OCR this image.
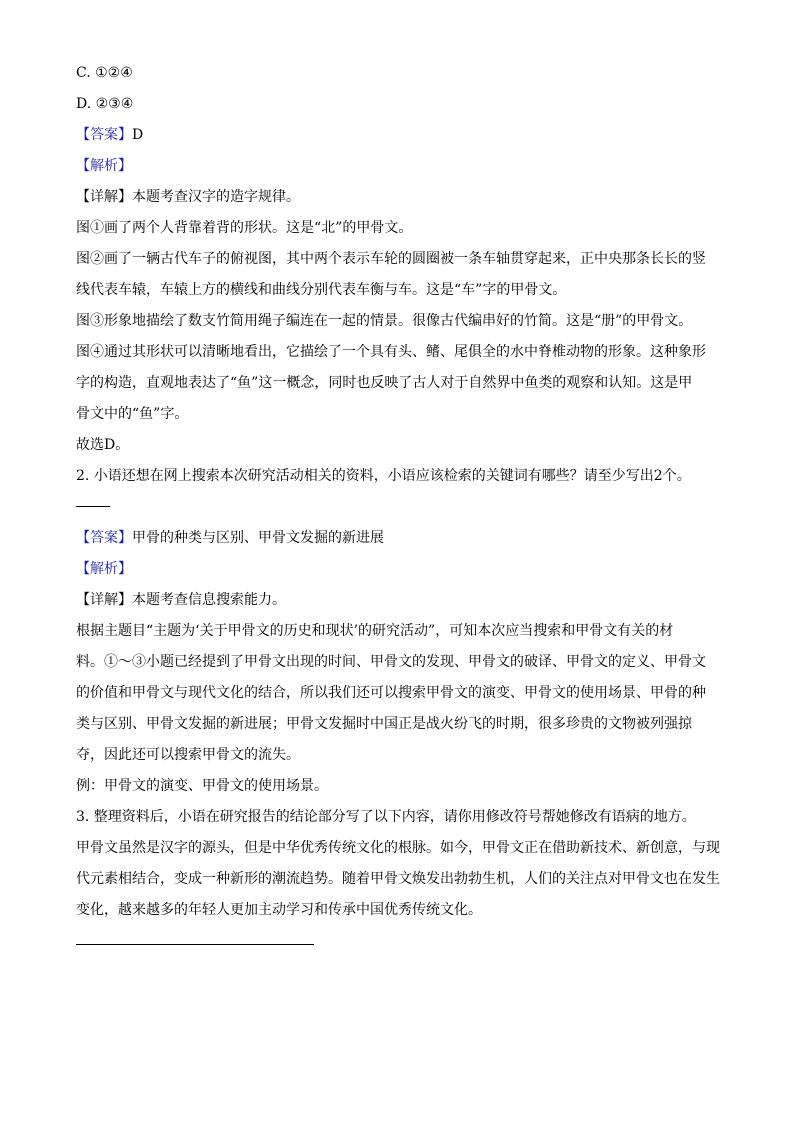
C. ①②④
D. ②③④
【答案】D
【解析】
【详解】本题考查汉字的造字规律。
图①画了两个人背靠着背的形状。这是“北”的甲骨文。
图②画了一辆古代车子的俯视图，其中两个表示车轮的圆圈被一条车轴贯穿起来，正中央那条长长的竖
线代表车辕，车辕上方的横线和曲线分别代表车衡与车。这是“车”字的甲骨文。
图③形象地描绘了数支竹简用绳子编连在一起的情景。很像古代编串好的竹简。这是“册”的甲骨文。
图④通过其形状可以清晰地看出，它描绘了一个具有头、鳍、尾俱全的水中脊椎动物的形象。这种象形
字的构造，直观地表达了“鱼”这一概念，同时也反映了古人对于自然界中鱼类的观察和认知。这是甲
骨文中的“鱼”字。
故选D。
2. 小语还想在网上搜索本次研究活动相关的资料，小语应该检索的关键词有哪些？请至少写出2个。
【答案】甲骨的种类与区别、甲骨文发掘的新进展
【解析】
【详解】本题考查信息搜索能力。
根据主题目“主题为‘关于甲骨文的历史和现状’的研究活动”，可知本次应当搜索和甲骨文有关的材
料。①～③小题已经提到了甲骨文出现的时间、甲骨文的发现、甲骨文的破译、甲骨文的定义、甲骨文
的价值和甲骨文与现代文化的结合，所以我们还可以搜索甲骨文的演变、甲骨文的使用场景、甲骨的种
类与区别、甲骨文发掘的新进展；甲骨文发掘时中国正是战火纷飞的时期，很多珍贵的文物被列强掠
夺，因此还可以搜索甲骨文的流失。
例：甲骨文的演变、甲骨文的使用场景。
3. 整理资料后，小语在研究报告的结论部分写了以下内容，请你用修改符号帮她修改有语病的地方。
甲骨文虽然是汉字的源头，但是中华优秀传统文化的根脉。如今，甲骨文正在借助新技术、新创意，与现
代元素相结合，变成一种新形的潮流趋势。随着甲骨文焕发出勃勃生机，人们的关注点对甲骨文也在发生
变化，越来越多的年轻人更加主动学习和传承中国优秀传统文化。
